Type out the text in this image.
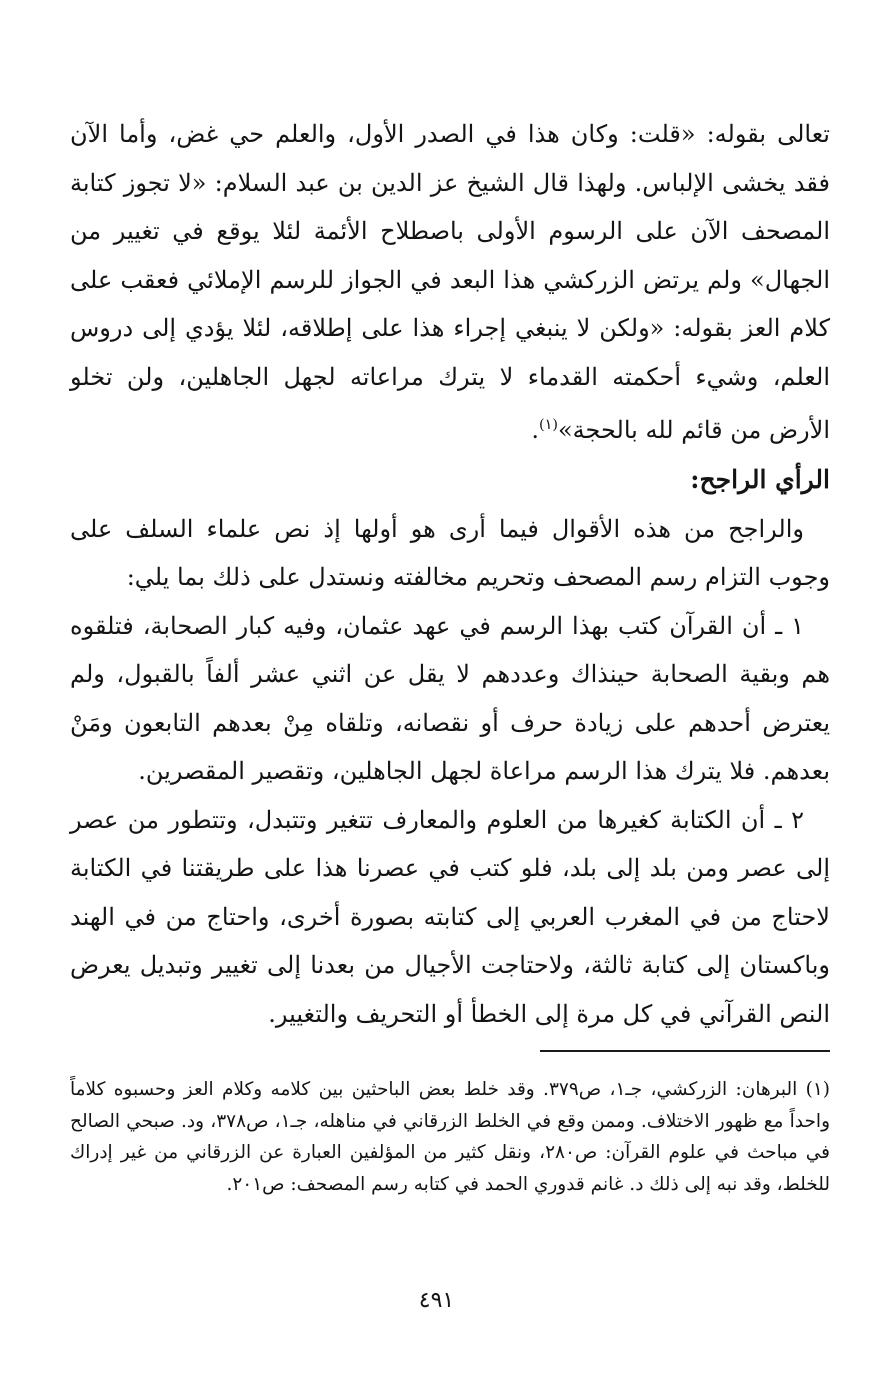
تعالى بقوله: «قلت: وكان هذا في الصدر الأول، والعلم حي غض، وأما الآن فقد يخشى الإلباس. ولهذا قال الشيخ عز الدين بن عبد السلام: «لا تجوز كتابة المصحف الآن على الرسوم الأولى باصطلاح الأئمة لئلا يوقع في تغيير من الجهال» ولم يرتض الزركشي هذا البعد في الجواز للرسم الإملائي فعقب على كلام العز بقوله: «ولكن لا ينبغي إجراء هذا على إطلاقه، لئلا يؤدي إلى دروس العلم، وشيء أحكمته القدماء لا يترك مراعاته لجهل الجاهلين، ولن تخلو الأرض من قائم لله بالحجة»$^{(١)}$.

الرأي الراجح:

والراجح من هذه الأقوال فيما أرى هو أولها إذ نص علماء السلف على وجوب التزام رسم المصحف وتحريم مخالفته ونستدل على ذلك بما يلي:

١ ـ أن القرآن كتب بهذا الرسم في عهد عثمان، وفيه كبار الصحابة، فتلقوه هم وبقية الصحابة حينذاك وعددهم لا يقل عن اثني عشر ألفاً بالقبول، ولم يعترض أحدهم على زيادة حرف أو نقصانه، وتلقاه مِنْ بعدهم التابعون ومَنْ بعدهم. فلا يترك هذا الرسم مراعاة لجهل الجاهلين، وتقصير المقصرين.

٢ ـ أن الكتابة كغيرها من العلوم والمعارف تتغير وتتبدل، وتتطور من عصر إلى عصر ومن بلد إلى بلد، فلو كتب في عصرنا هذا على طريقتنا في الكتابة لاحتاج من في المغرب العربي إلى كتابته بصورة أخرى، واحتاج من في الهند وباكستان إلى كتابة ثالثة، ولاحتاجت الأجيال من بعدنا إلى تغيير وتبديل يعرض النص القرآني في كل مرة إلى الخطأ أو التحريف والتغيير.

(١) البرهان: الزركشي، جـ١، ص٣٧٩. وقد خلط بعض الباحثين بين كلامه وكلام العز وحسبوه كلاماً واحداً مع ظهور الاختلاف. وممن وقع في الخلط الزرقاني في مناهله، جـ١، ص٣٧٨، ود. صبحي الصالح في مباحث في علوم القرآن: ص٢٨٠، ونقل كثير من المؤلفين العبارة عن الزرقاني من غير إدراك للخلط، وقد نبه إلى ذلك د. غانم قدوري الحمد في كتابه رسم المصحف: ص٢٠١.
٤٩١
